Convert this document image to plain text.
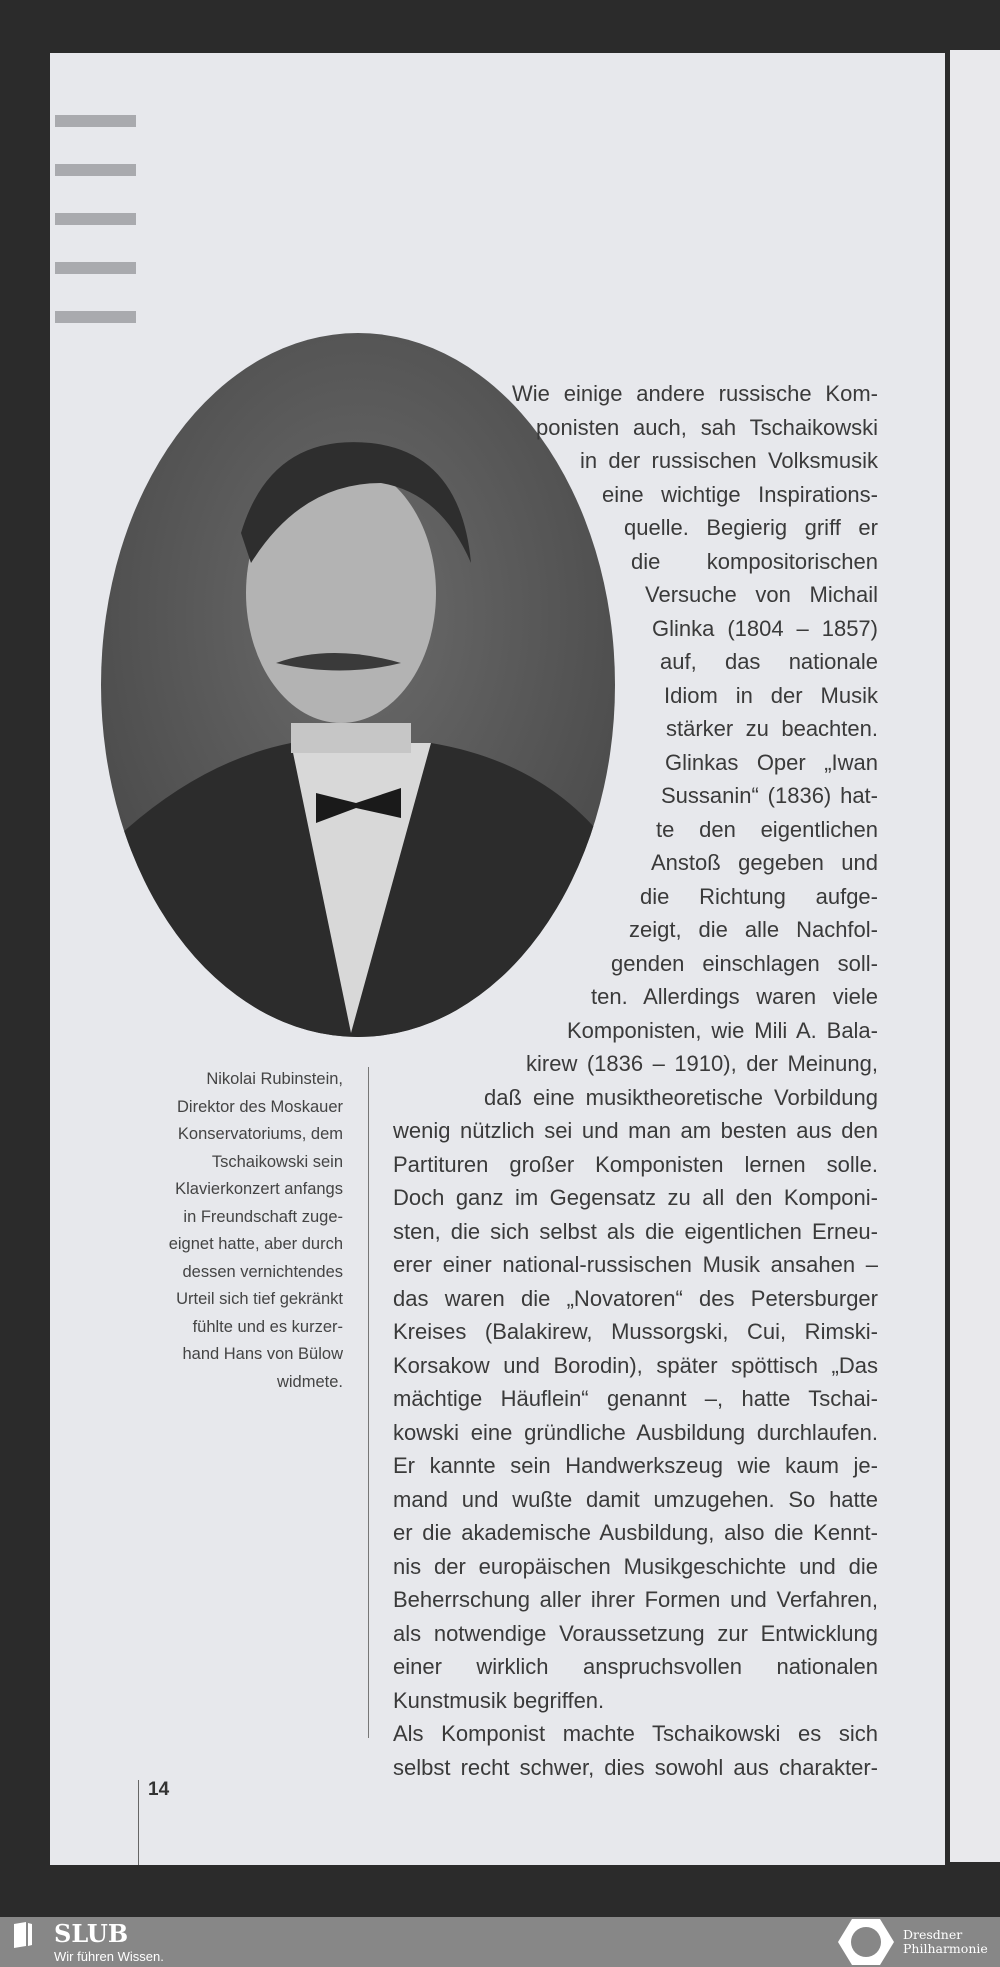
Wie einige andere russische Kom-
ponisten auch, sah Tschaikowski
in der russischen Volksmusik
eine wichtige Inspirations-
quelle. Begierig griff er
die kompositorischen
Versuche von Michail
Glinka (1804 – 1857)
auf, das nationale
Idiom in der Musik
stärker zu beachten.
Glinkas Oper „Iwan
Sussanin“ (1836) hat-
te den eigentlichen
Anstoß gegeben und
die Richtung aufge-
zeigt, die alle Nachfol-
genden einschlagen soll-
ten. Allerdings waren viele
Komponisten, wie Mili A. Bala-
kirew (1836 – 1910), der Meinung,
daß eine musiktheoretische Vorbildung
wenig nützlich sei und man am besten aus den
Partituren großer Komponisten lernen solle.
Doch ganz im Gegensatz zu all den Komponi-
sten, die sich selbst als die eigentlichen Erneu-
erer einer national-russischen Musik ansahen –
das waren die „Novatoren“ des Petersburger
Kreises (Balakirew, Mussorgski, Cui, Rimski-
Korsakow und Borodin), später spöttisch „Das
mächtige Häuflein“ genannt –, hatte Tschai-
kowski eine gründliche Ausbildung durchlaufen.
Er kannte sein Handwerkszeug wie kaum je-
mand und wußte damit umzugehen. So hatte
er die akademische Ausbildung, also die Kennt-
nis der europäischen Musikgeschichte und die
Beherrschung aller ihrer Formen und Verfahren,
als notwendige Voraussetzung zur Entwicklung
einer wirklich anspruchsvollen nationalen
Kunstmusik begriffen.
Als Komponist machte Tschaikowski es sich
selbst recht schwer, dies sowohl aus charakter-
Nikolai Rubinstein,
Direktor des Moskauer
Konservatoriums, dem
Tschaikowski sein
Klavierkonzert anfangs
in Freundschaft zuge-
eignet hatte, aber durch
dessen vernichtendes
Urteil sich tief gekränkt
fühlte und es kurzer-
hand Hans von Bülow
widmete.
14
SLUB
Wir führen Wissen.
Dresdner
Philharmonie
